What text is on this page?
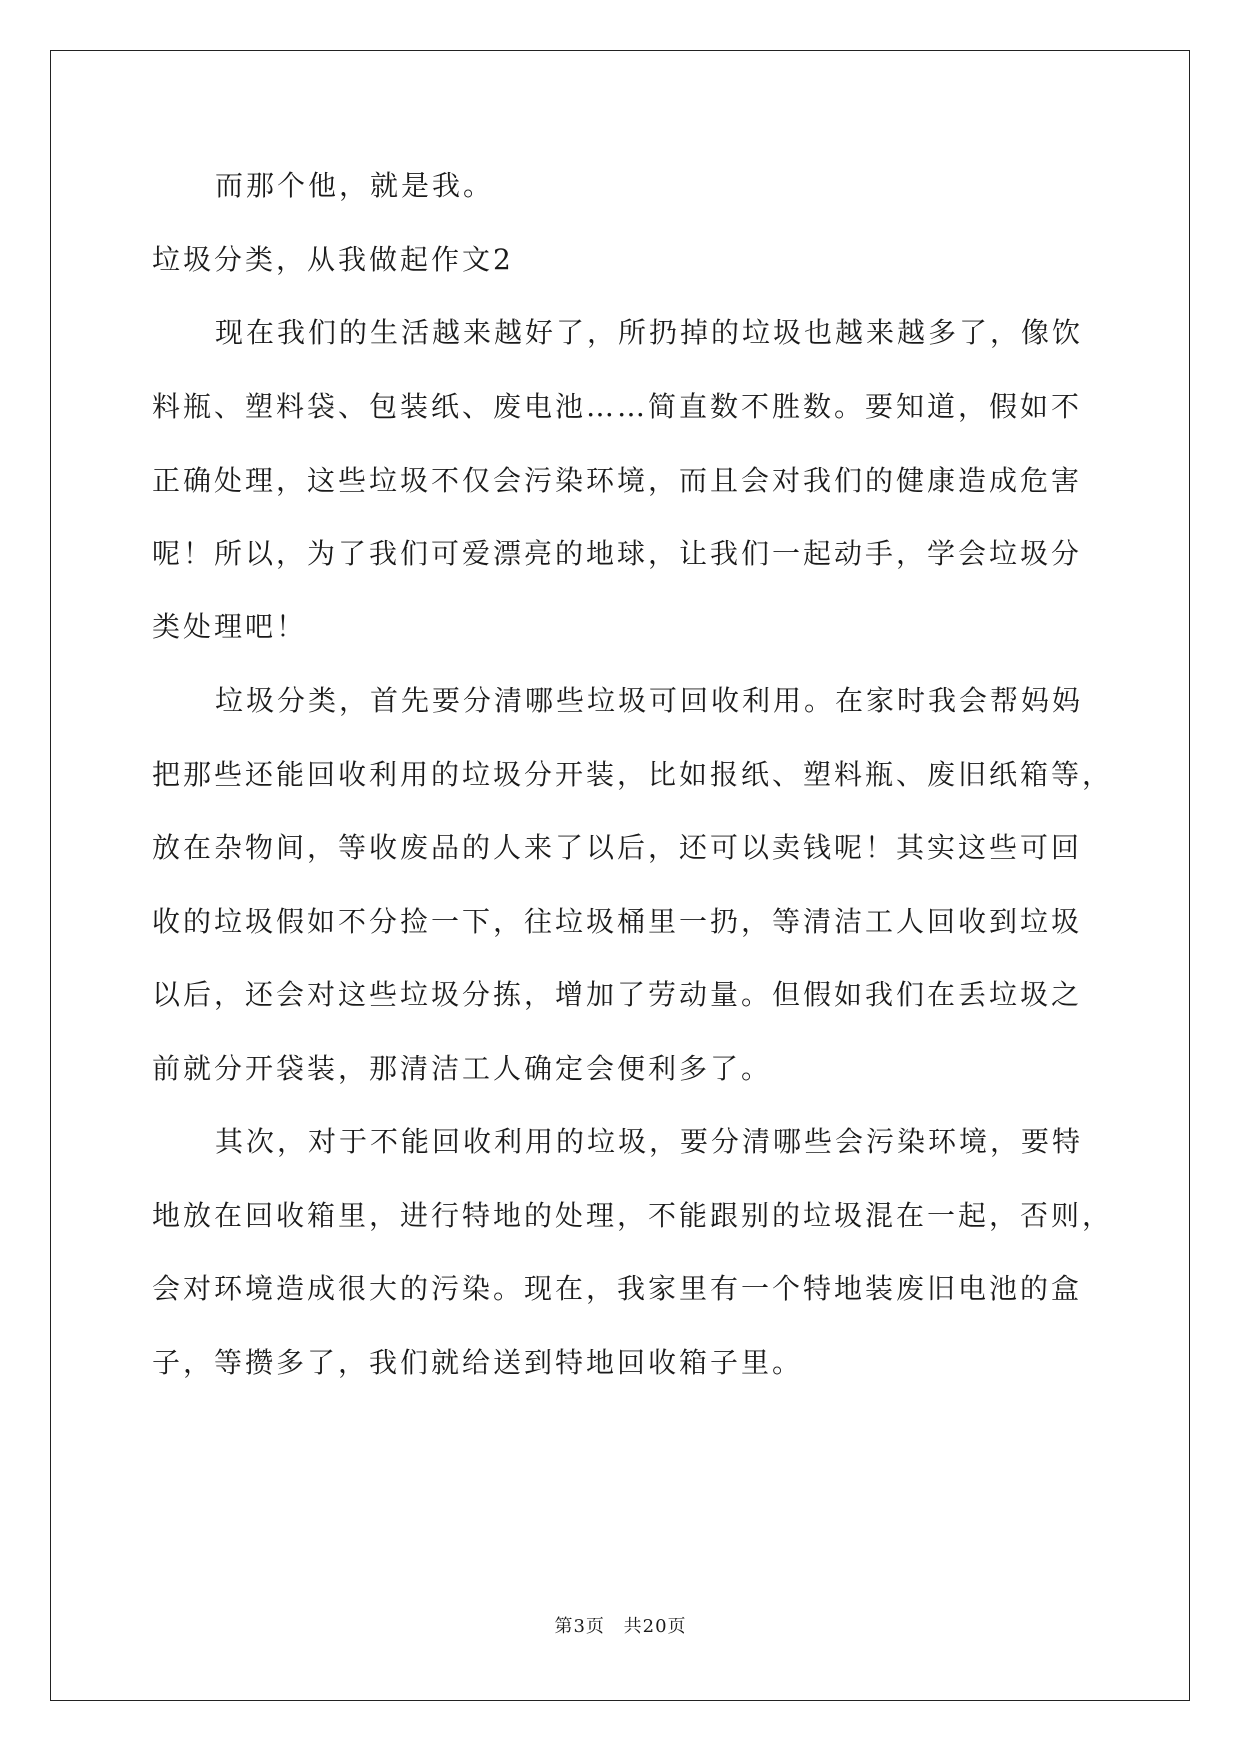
而那个他，就是我。
垃圾分类，从我做起作文2
现在我们的生活越来越好了，所扔掉的垃圾也越来越多了，像饮
料瓶、塑料袋、包装纸、废电池……简直数不胜数。要知道，假如不
正确处理，这些垃圾不仅会污染环境，而且会对我们的健康造成危害
呢！所以，为了我们可爱漂亮的地球，让我们一起动手，学会垃圾分
类处理吧！
垃圾分类，首先要分清哪些垃圾可回收利用。在家时我会帮妈妈
把那些还能回收利用的垃圾分开装，比如报纸、塑料瓶、废旧纸箱等，
放在杂物间，等收废品的人来了以后，还可以卖钱呢！其实这些可回
收的垃圾假如不分捡一下，往垃圾桶里一扔，等清洁工人回收到垃圾
以后，还会对这些垃圾分拣，增加了劳动量。但假如我们在丢垃圾之
前就分开袋装，那清洁工人确定会便利多了。
其次，对于不能回收利用的垃圾，要分清哪些会污染环境，要特
地放在回收箱里，进行特地的处理，不能跟别的垃圾混在一起，否则，
会对环境造成很大的污染。现在，我家里有一个特地装废旧电池的盒
子，等攒多了，我们就给送到特地回收箱子里。
第3页 共20页
